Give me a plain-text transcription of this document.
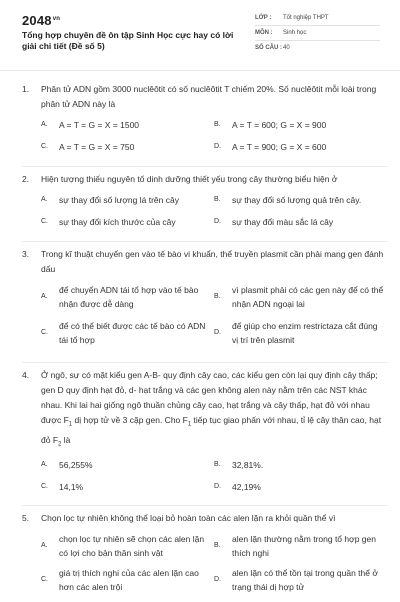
$2048^{vn}$
Tổng hợp chuyên đề ôn tập Sinh Học cực hay có lời giải chi tiết (Đề số 5)
LỚP : Tốt nghiệp THPT
MÔN : Sinh học
SỐ CÂU : 40
1. Phân tử ADN gồm 3000 nuclêôtit có số nuclêôtit T chiếm 20%. Số nuclêôtit mỗi loài trong phân tử ADN này là
A. A = T = G = X = 1500	B. A = T = 600; G = X = 900
C. A = T = G = X = 750	D. A = T = 900; G = X = 600
2. Hiện tượng thiếu nguyên tố dinh dưỡng thiết yếu trong cây thường biểu hiện ở
A. sự thay đổi số lượng lá trên cây	B. sự thay đổi số lượng quả trên cây.
C. sự thay đổi kích thước của cây	D. sự thay đổi màu sắc lá cây
3. Trong kĩ thuật chuyển gen vào tế bào vi khuẩn, thể truyền plasmit cần phải mang gen đánh dấu
A.
để chuyển ADN tái tổ hợp vào tế bào nhận được dễ dàng
B.
vì plasmit phải có các gen này để có thể nhận ADN ngoại lai
C.
để có thể biết được các tế bào có ADN tái tổ hợp
D.
để giúp cho enzim restrictaza cắt đúng vị trí trên plasmit
4. Ở ngô, sự có mặt kiểu gen A-B- quy định cây cao, các kiểu gen còn lại quy định cây thấp; gen D quy định hạt đỏ, d- hạt trắng và các gen không alen này nằm trên các NST khác nhau. Khi lai hai giống ngô thuần chủng cây cao, hạt trắng và cây thấp, hạt đỏ với nhau được $F_1$ dị hợp tử về 3 cặp gen. Cho $F_1$ tiếp tục giao phấn với nhau, tỉ lệ cây thân cao, hạt đỏ $F_2$ là
A. 56,255%	B. 32,81%.
C. 14,1%	D. 42,19%
5. Chọn lọc tự nhiên không thể loại bỏ hoàn toàn các alen lặn ra khỏi quần thể vì
A.
chọn lọc tự nhiên sẽ chọn các alen lặn có lợi cho bản thân sinh vật
B.
alen lặn thường nằm trong tổ hợp gen thích nghi
C.
giá trị thích nghi của các alen lặn cao hơn các alen trội
D.
alen lặn có thể tồn tại trong quần thể ở trạng thái dị hợp tử
